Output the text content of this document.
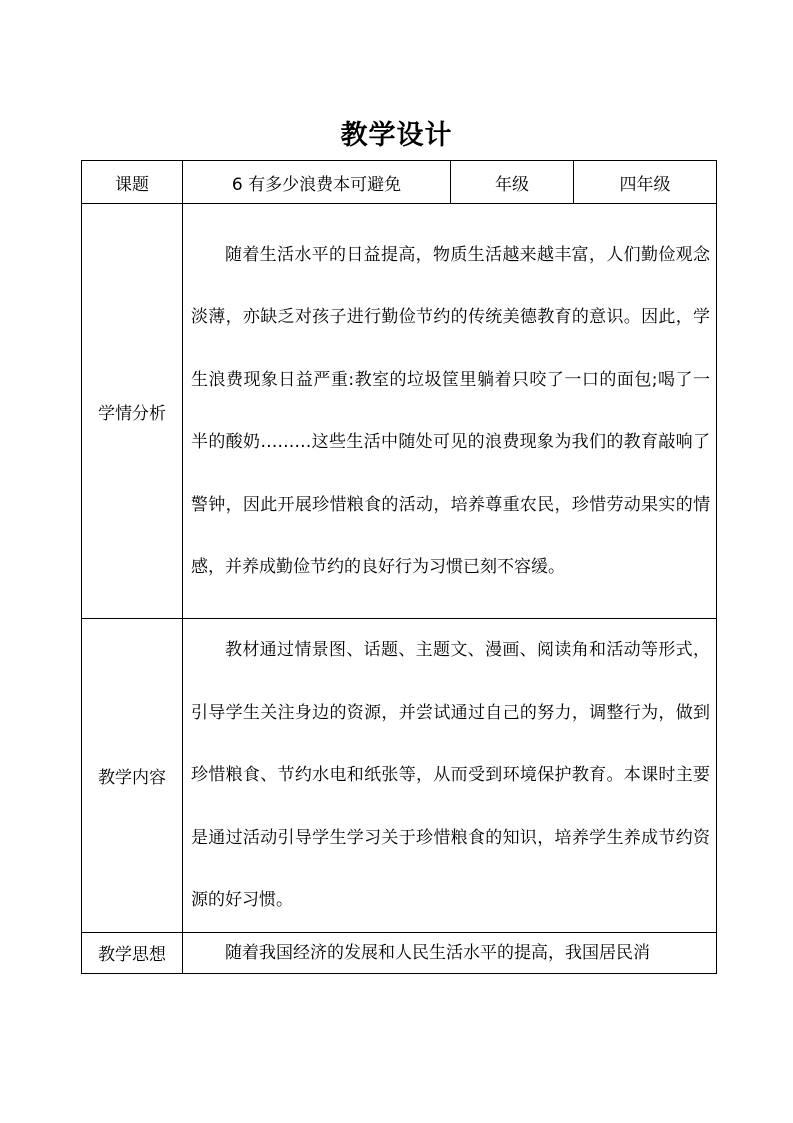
教学设计
课题	6 有多少浪费本可避免	年级	四年级
学情分析	随着生活水平的日益提高，物质生活越来越丰富，人们勤俭观念淡薄，亦缺乏对孩子进行勤俭节约的传统美德教育的意识。因此，学生浪费现象日益严重:教室的垃圾筐里躺着只咬了一口的面包;喝了一半的酸奶………这些生活中随处可见的浪费现象为我们的教育敲响了警钟，因此开展珍惜粮食的活动，培养尊重农民，珍惜劳动果实的情感，并养成勤俭节约的良好行为习惯已刻不容缓。		

教学内容	教材通过情景图、话题、主题文、漫画、阅读角和活动等形式，引导学生关注身边的资源，并尝试通过自己的努力，调整行为，做到珍惜粮食、节约水电和纸张等，从而受到环境保护教育。本课时主要是通过活动引导学生学习关于珍惜粮食的知识，培养学生养成节约资源的好习惯。		

教学思想	随着我国经济的发展和人民生活水平的提高，我国居民消		
